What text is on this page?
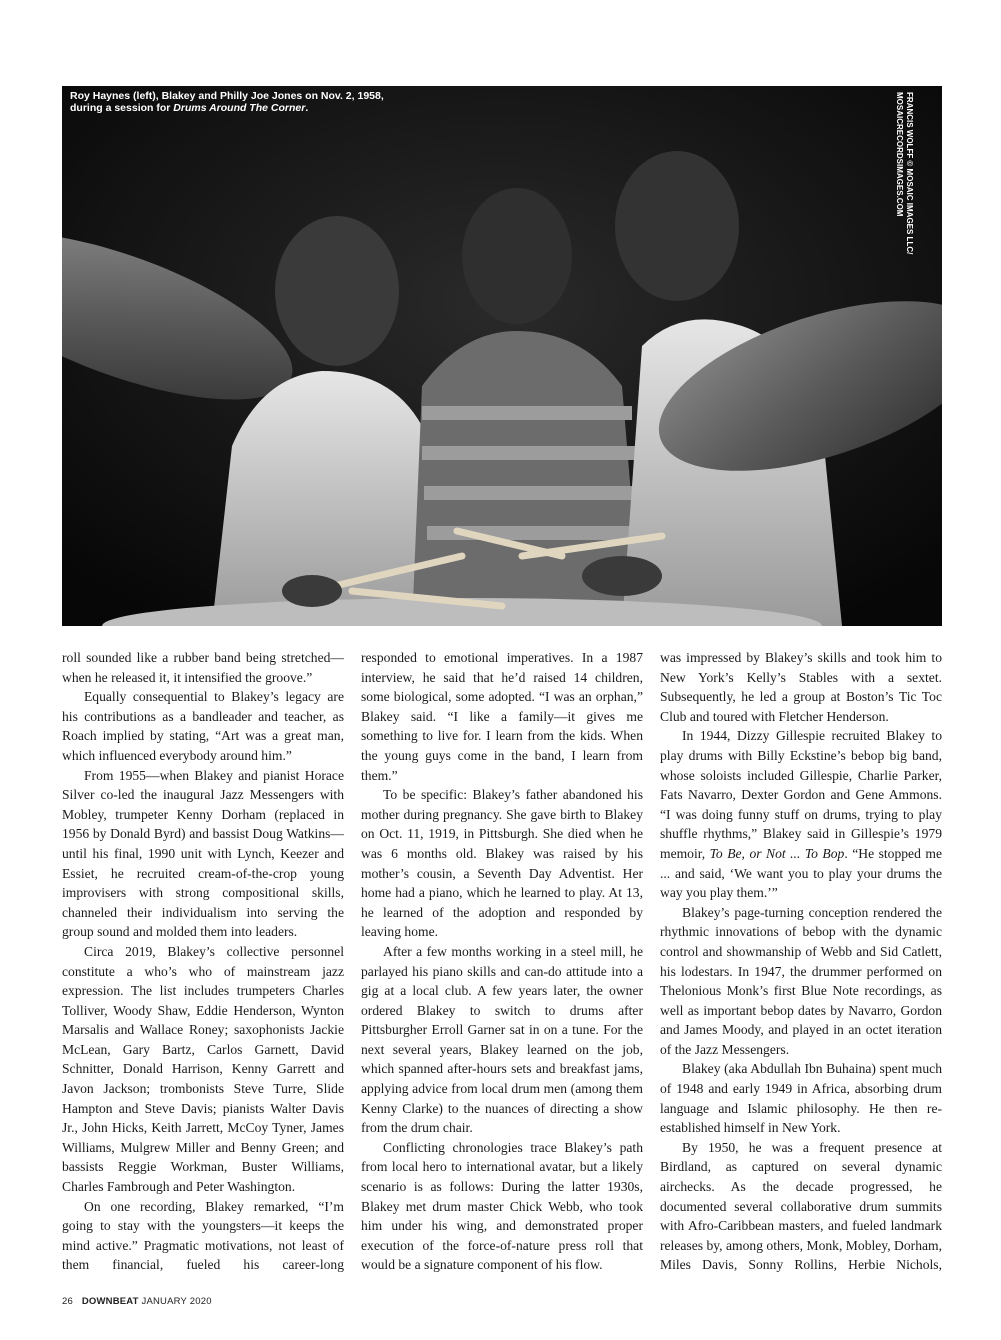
Roy Haynes (left), Blakey and Philly Joe Jones on Nov. 2, 1958,
during a session for Drums Around The Corner.	FRANCIS WOLFF © MOSAIC IMAGES LLC/
MOSAICRECORDSIMAGES.COM

roll sounded like a rubber band being stretched—when he released it, it intensified the groove.”

Equally consequential to Blakey’s legacy are his contributions as a bandleader and teacher, as Roach implied by stating, “Art was a great man, which influenced everybody around him.”

From 1955—when Blakey and pianist Horace Silver co-led the inaugural Jazz Messengers with Mobley, trumpeter Kenny Dorham (replaced in 1956 by Donald Byrd) and bassist Doug Watkins—until his final, 1990 unit with Lynch, Keezer and Essiet, he recruited cream-of-the-crop young improvisers with strong compositional skills, channeled their individualism into serving the group sound and molded them into leaders.

Circa 2019, Blakey’s collective personnel constitute a who’s who of mainstream jazz expression. The list includes trumpeters Charles Tolliver, Woody Shaw, Eddie Henderson, Wynton Marsalis and Wallace Roney; saxophonists Jackie McLean, Gary Bartz, Carlos Garnett, David Schnitter, Donald Harrison, Kenny Garrett and Javon Jackson; trombonists Steve Turre, Slide Hampton and Steve Davis; pianists Walter Davis Jr., John Hicks, Keith Jarrett, McCoy Tyner, James Williams, Mulgrew Miller and Benny Green; and bassists Reggie Workman, Buster Williams, Charles Fambrough and Peter Washington.

On one recording, Blakey remarked, “I’m going to stay with the youngsters—it keeps the mind active.” Pragmatic motivations, not least of them financial, fueled his career-long

responded to emotional imperatives. In a 1987 interview, he said that he’d raised 14 children, some biological, some adopted. “I was an orphan,” Blakey said. “I like a family—it gives me something to live for. I learn from the kids. When the young guys come in the band, I learn from them.”

To be specific: Blakey’s father abandoned his mother during pregnancy. She gave birth to Blakey on Oct. 11, 1919, in Pittsburgh. She died when he was 6 months old. Blakey was raised by his mother’s cousin, a Seventh Day Adventist. Her home had a piano, which he learned to play. At 13, he learned of the adoption and responded by leaving home.

After a few months working in a steel mill, he parlayed his piano skills and can-do attitude into a gig at a local club. A few years later, the owner ordered Blakey to switch to drums after Pittsburgher Erroll Garner sat in on a tune. For the next several years, Blakey learned on the job, which spanned after-hours sets and breakfast jams, applying advice from local drum men (among them Kenny Clarke) to the nuances of directing a show from the drum chair.

Conflicting chronologies trace Blakey’s path from local hero to international avatar, but a likely scenario is as follows: During the latter 1930s, Blakey met drum master Chick Webb, who took him under his wing, and demonstrated proper execution of the force-of-nature press roll that would be a signature component of his flow.

was impressed by Blakey’s skills and took him to New York’s Kelly’s Stables with a sextet. Subsequently, he led a group at Boston’s Tic Toc Club and toured with Fletcher Henderson.

In 1944, Dizzy Gillespie recruited Blakey to play drums with Billy Eckstine’s bebop big band, whose soloists included Gillespie, Charlie Parker, Fats Navarro, Dexter Gordon and Gene Ammons. “I was doing funny stuff on drums, trying to play shuffle rhythms,” Blakey said in Gillespie’s 1979 memoir, To Be, or Not ... To Bop. “He stopped me ... and said, ‘We want you to play your drums the way you play them.’”

Blakey’s page-turning conception rendered the rhythmic innovations of bebop with the dynamic control and showmanship of Webb and Sid Catlett, his lodestars. In 1947, the drummer performed on Thelonious Monk’s first Blue Note recordings, as well as important bebop dates by Navarro, Gordon and James Moody, and played in an octet iteration of the Jazz Messengers.

Blakey (aka Abdullah Ibn Buhaina) spent much of 1948 and early 1949 in Africa, absorbing drum language and Islamic philosophy. He then re-established himself in New York.

By 1950, he was a frequent presence at Birdland, as captured on several dynamic airchecks. As the decade progressed, he documented several collaborative drum summits with Afro-Caribbean masters, and fueled landmark releases by, among others, Monk, Mobley, Dorham, Miles Davis, Sonny Rollins, Herbie Nichols,

26 DOWNBEAT JANUARY 2020
